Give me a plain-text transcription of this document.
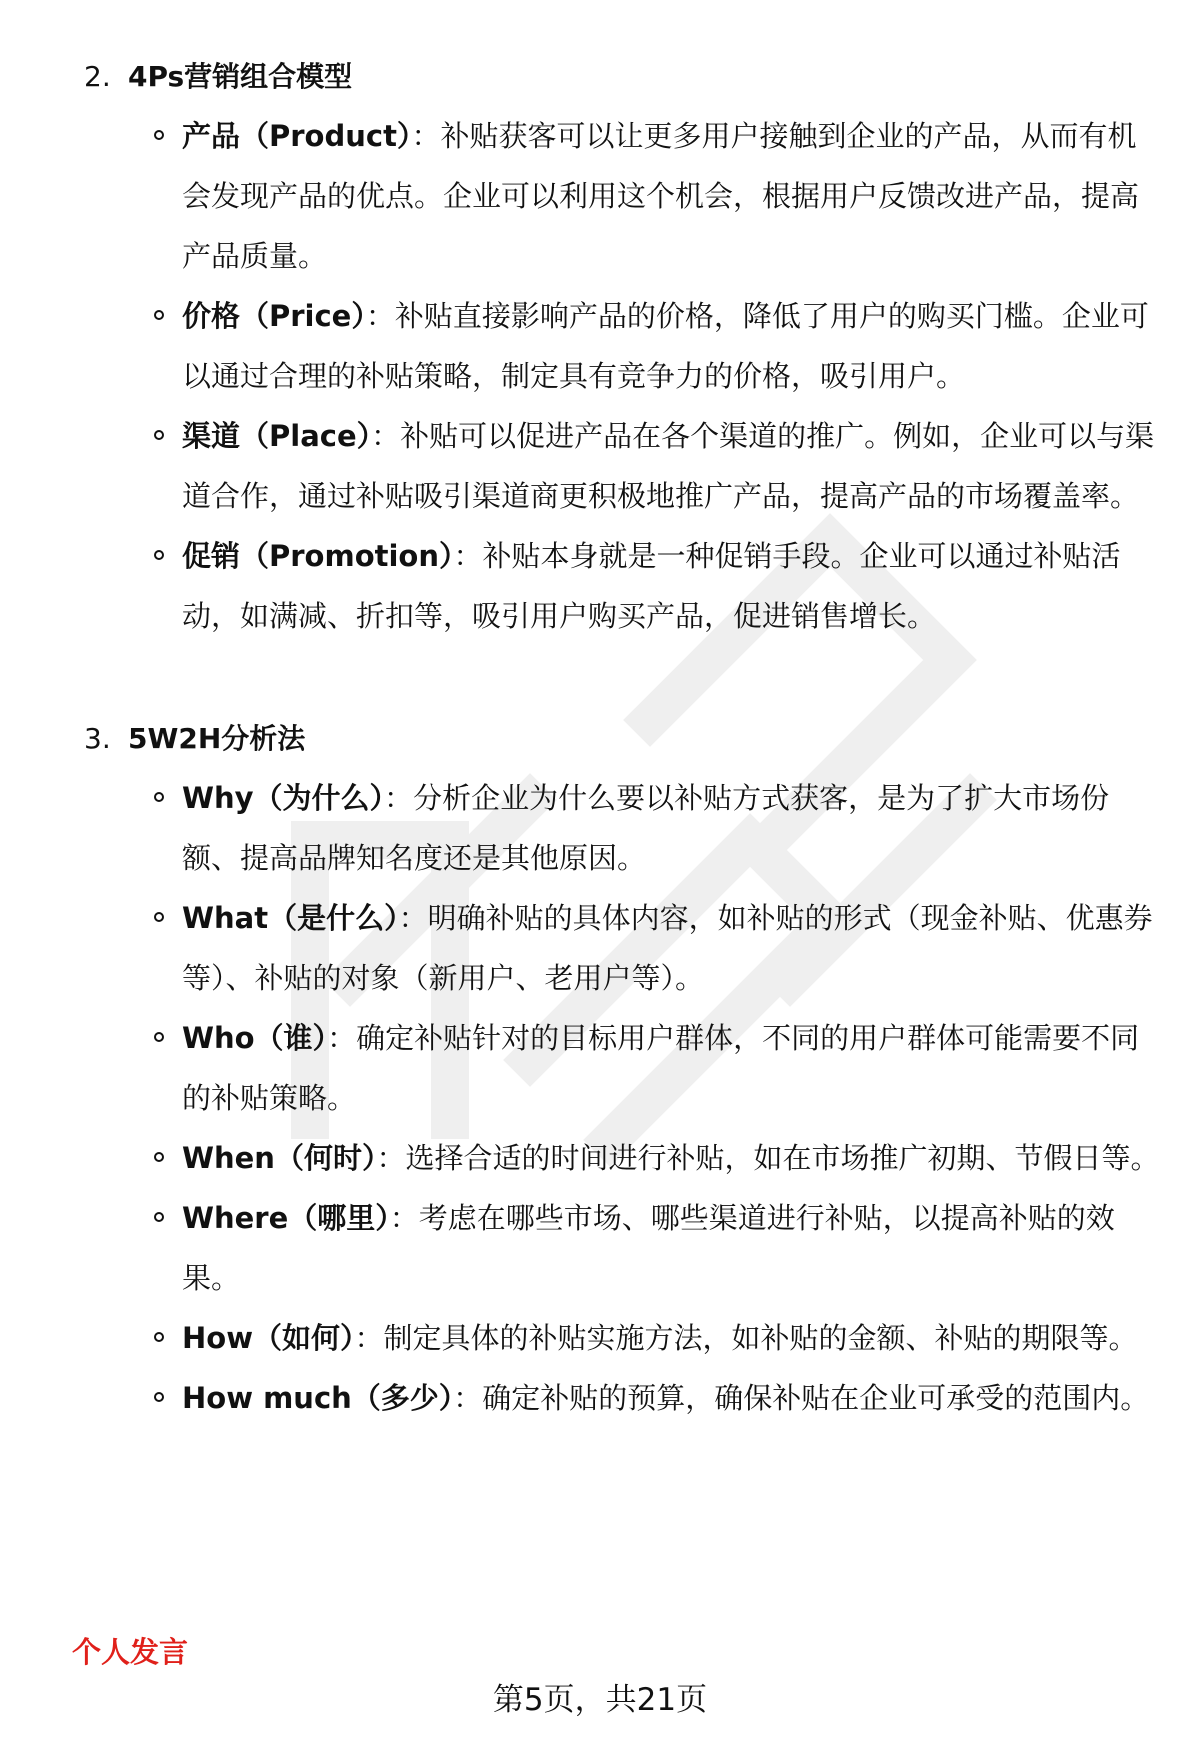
2. 4Ps营销组合模型
产品（Product）：补贴获客可以让更多用户接触到企业的产品，从而有机会发现产品的优点。企业可以利用这个机会，根据用户反馈改进产品，提高产品质量。
价格（Price）：补贴直接影响产品的价格，降低了用户的购买门槛。企业可以通过合理的补贴策略，制定具有竞争力的价格，吸引用户。
渠道（Place）：补贴可以促进产品在各个渠道的推广。例如，企业可以与渠道合作，通过补贴吸引渠道商更积极地推广产品，提高产品的市场覆盖率。
促销（Promotion）：补贴本身就是一种促销手段。企业可以通过补贴活动，如满减、折扣等，吸引用户购买产品，促进销售增长。
3. 5W2H分析法
Why（为什么）：分析企业为什么要以补贴方式获客，是为了扩大市场份额、提高品牌知名度还是其他原因。
What（是什么）：明确补贴的具体内容，如补贴的形式（现金补贴、优惠券等）、补贴的对象（新用户、老用户等）。
Who（谁）：确定补贴针对的目标用户群体，不同的用户群体可能需要不同的补贴策略。
When（何时）：选择合适的时间进行补贴，如在市场推广初期、节假日等。
Where（哪里）：考虑在哪些市场、哪些渠道进行补贴，以提高补贴的效果。
How（如何）：制定具体的补贴实施方法，如补贴的金额、补贴的期限等。
How much（多少）：确定补贴的预算，确保补贴在企业可承受的范围内。
个人发言
第5页，共21页
